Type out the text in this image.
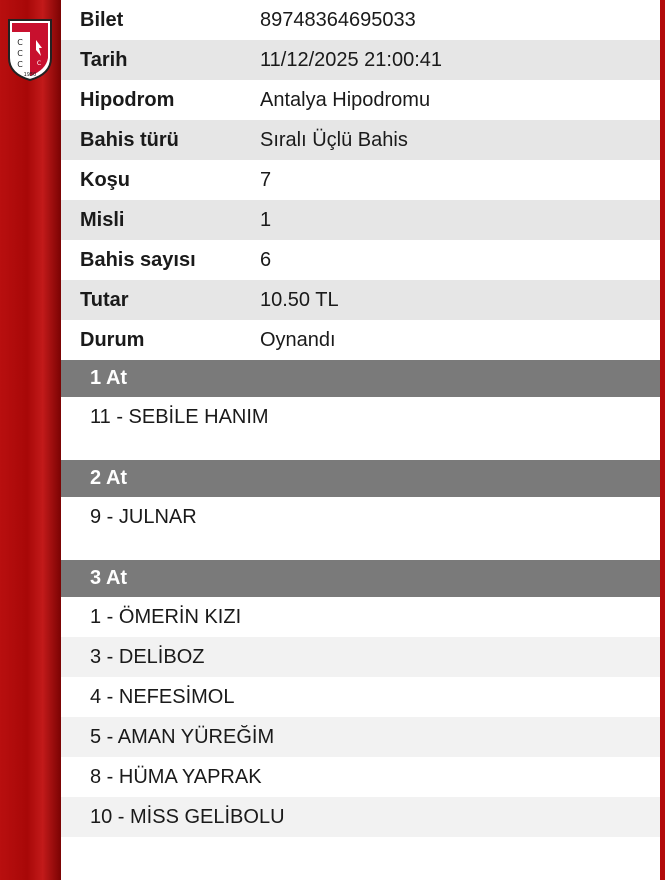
C
C
C C
1950
Bilet	89748364695033
Tarih	11/12/2025 21:00:41
Hipodrom	Antalya Hipodromu
Bahis türü	Sıralı Üçlü Bahis
Koşu	7
Misli	1
Bahis sayısı	6
Tutar	10.50 TL
Durum	Oynandı
1 At
11 - SEBİLE HANIM
2 At
9 - JULNAR
3 At
1 - ÖMERİN KIZI
3 - DELİBOZ
4 - NEFESİMOL
5 - AMAN YÜREĞİM
8 - HÜMA YAPRAK
10 - MİSS GELİBOLU
